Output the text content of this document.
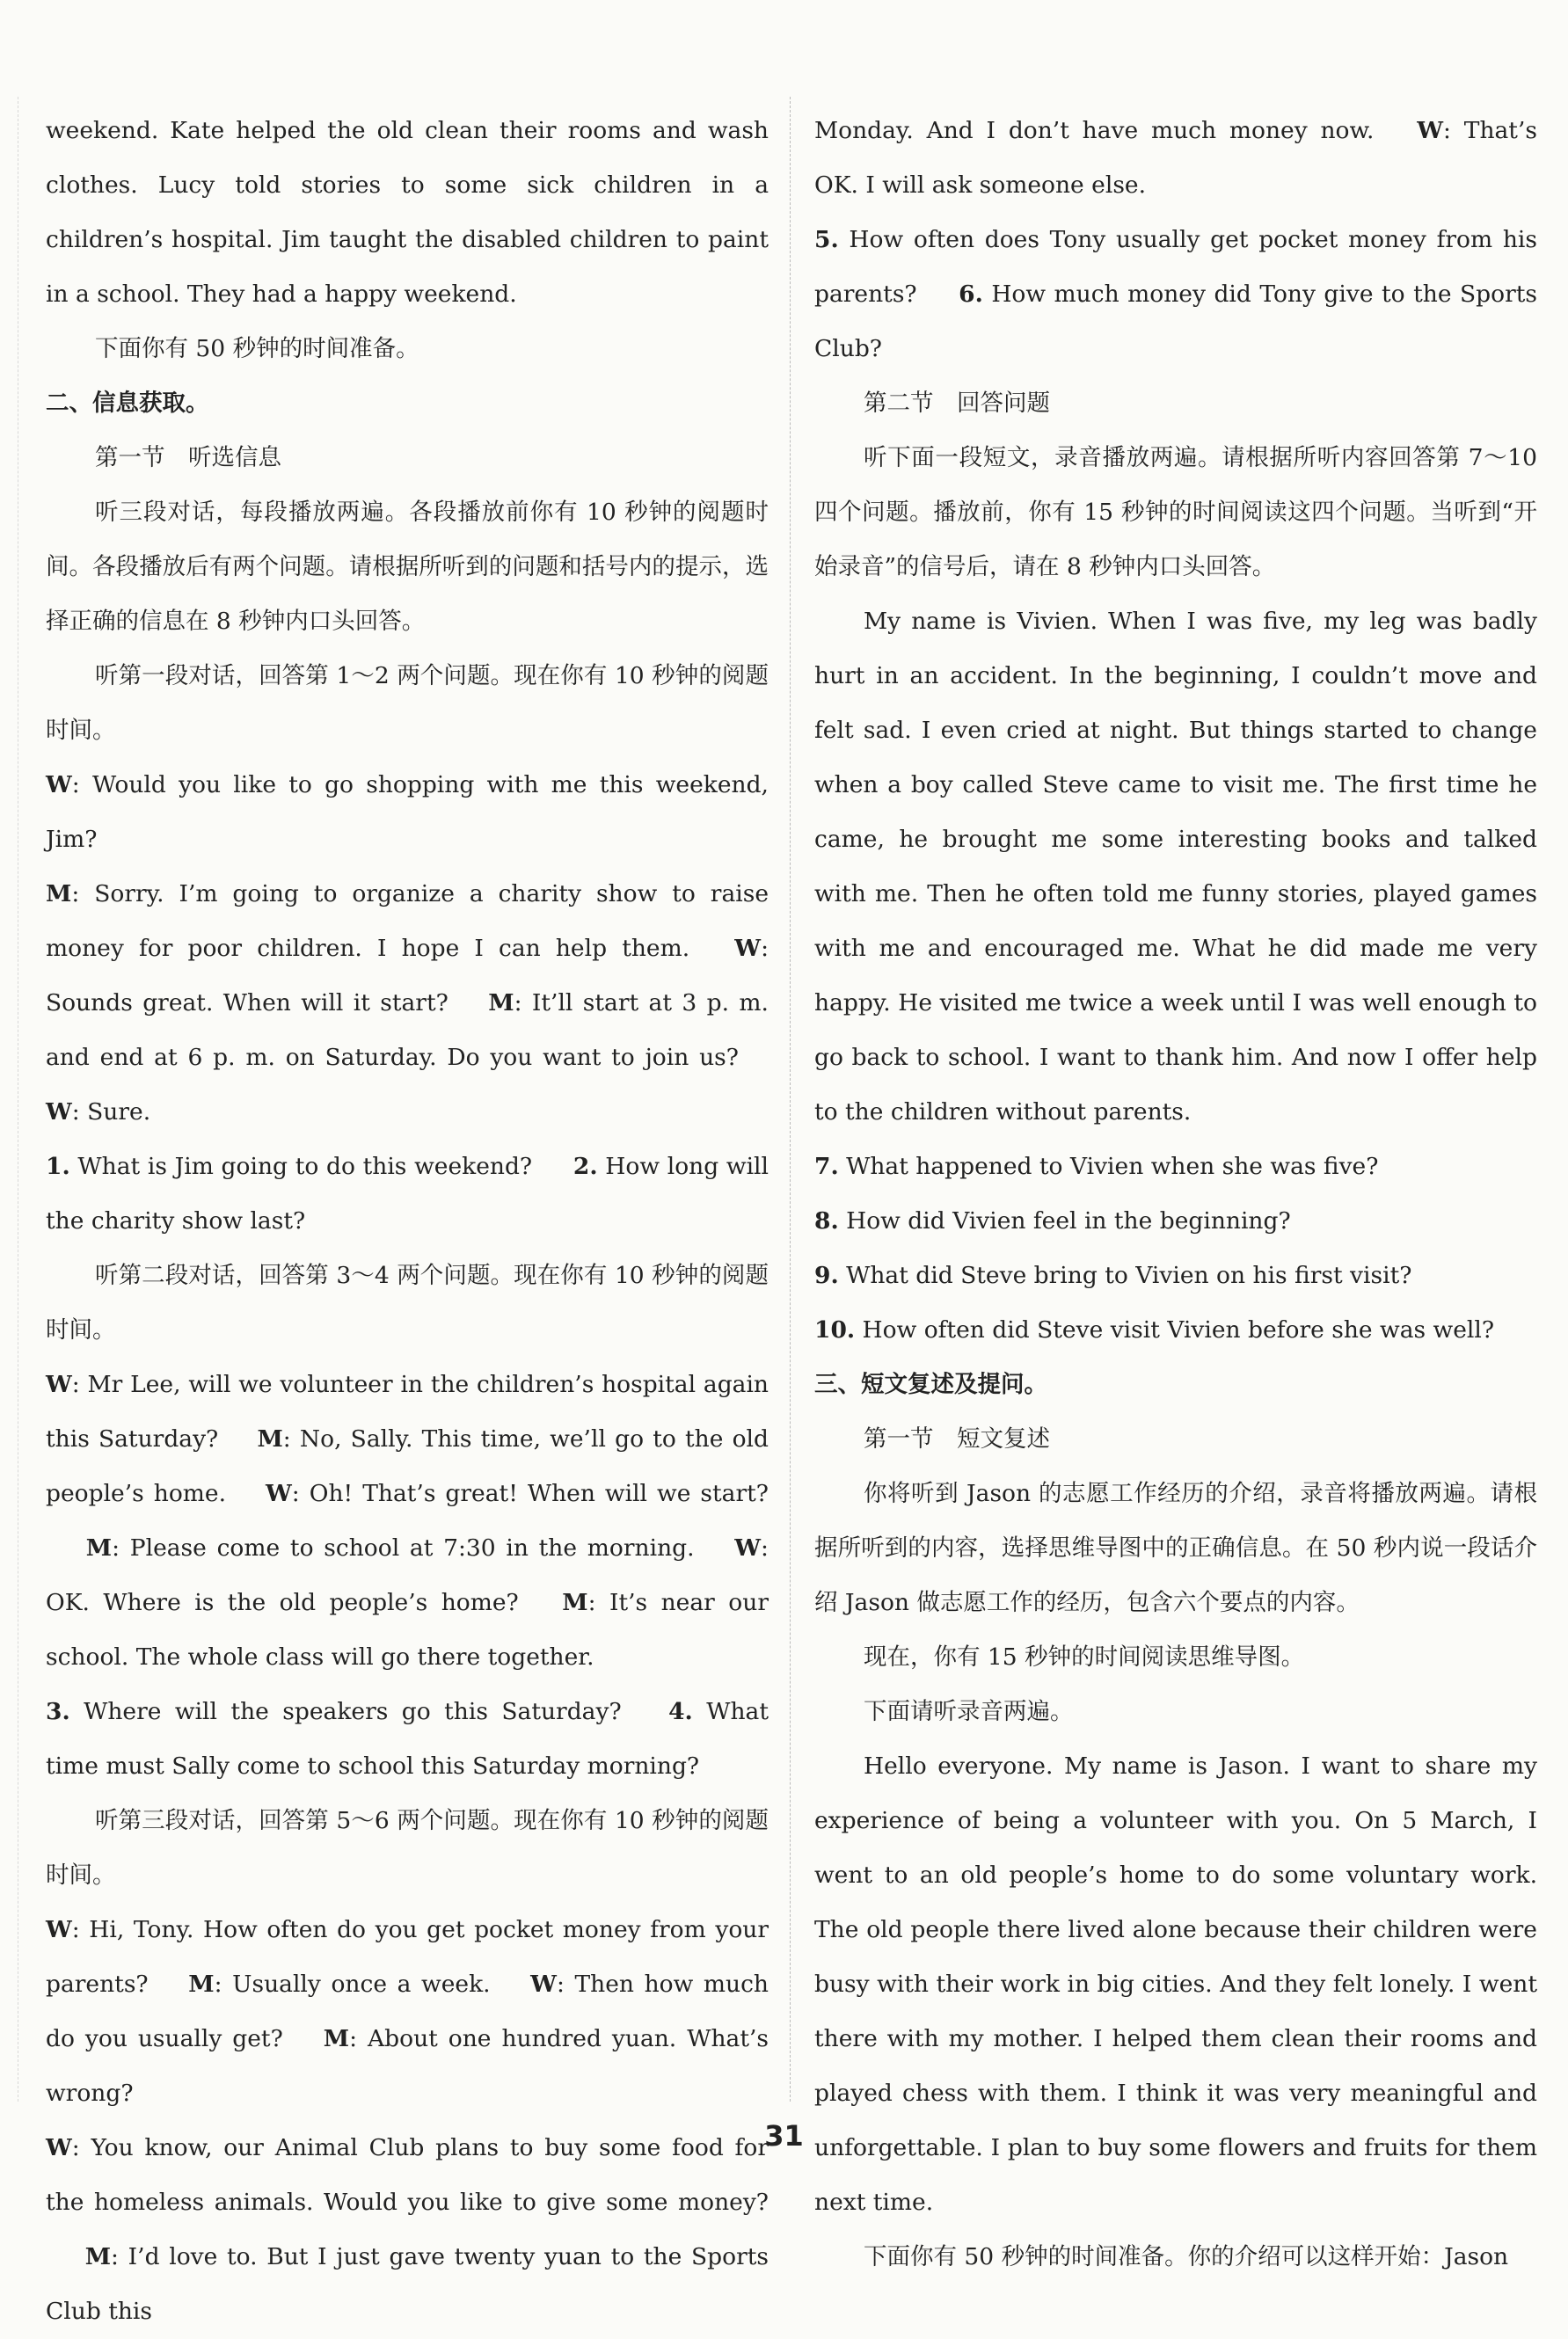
weekend. Kate helped the old clean their rooms and wash clothes. Lucy told stories to some sick children in a children’s hospital. Jim taught the disabled children to paint in a school. They had a happy weekend.

下面你有 50 秒钟的时间准备。

二、信息获取。

第一节　听选信息

听三段对话，每段播放两遍。各段播放前你有 10 秒钟的阅题时间。各段播放后有两个问题。请根据所听到的问题和括号内的提示，选择正确的信息在 8 秒钟内口头回答。

听第一段对话，回答第 1～2 两个问题。现在你有 10 秒钟的阅题时间。

W: Would you like to go shopping with me this weekend, Jim?
M: Sorry. I’m going to organize a charity show to raise money for poor children. I hope I can help them. W: Sounds great. When will it start? M: It’ll start at 3 p. m. and end at 6 p. m. on Saturday. Do you want to join us? W: Sure.

1. What is Jim going to do this weekend? 2. How long will the charity show last?

听第二段对话，回答第 3～4 两个问题。现在你有 10 秒钟的阅题时间。

W: Mr Lee, will we volunteer in the children’s hospital again this Saturday? M: No, Sally. This time, we’ll go to the old people’s home. W: Oh! That’s great! When will we start? M: Please come to school at 7:30 in the morning. W: OK. Where is the old people’s home? M: It’s near our school. The whole class will go there together.

3. Where will the speakers go this Saturday? 4. What time must Sally come to school this Saturday morning?

听第三段对话，回答第 5～6 两个问题。现在你有 10 秒钟的阅题时间。

W: Hi, Tony. How often do you get pocket money from your parents? M: Usually once a week. W: Then how much do you usually get? M: About one hundred yuan. What’s wrong?
W: You know, our Animal Club plans to buy some food for the homeless animals. Would you like to give some money? M: I’d love to. But I just gave twenty yuan to the Sports Club this

Monday. And I don’t have much money now. W: That’s OK. I will ask someone else.

5. How often does Tony usually get pocket money from his parents? 6. How much money did Tony give to the Sports Club?

第二节　回答问题

听下面一段短文，录音播放两遍。请根据所听内容回答第 7～10 四个问题。播放前，你有 15 秒钟的时间阅读这四个问题。当听到“开始录音”的信号后，请在 8 秒钟内口头回答。

My name is Vivien. When I was five, my leg was badly hurt in an accident. In the beginning, I couldn’t move and felt sad. I even cried at night. But things started to change when a boy called Steve came to visit me. The first time he came, he brought me some interesting books and talked with me. Then he often told me funny stories, played games with me and encouraged me. What he did made me very happy. He visited me twice a week until I was well enough to go back to school. I want to thank him. And now I offer help to the children without parents.

7. What happened to Vivien when she was five?

8. How did Vivien feel in the beginning?

9. What did Steve bring to Vivien on his first visit?

10. How often did Steve visit Vivien before she was well?

三、短文复述及提问。

第一节　短文复述

你将听到 Jason 的志愿工作经历的介绍，录音将播放两遍。请根据所听到的内容，选择思维导图中的正确信息。在 50 秒内说一段话介绍 Jason 做志愿工作的经历，包含六个要点的内容。

现在，你有 15 秒钟的时间阅读思维导图。

下面请听录音两遍。

Hello everyone. My name is Jason. I want to share my experience of being a volunteer with you. On 5 March, I went to an old people’s home to do some voluntary work. The old people there lived alone because their children were busy with their work in big cities. And they felt lonely. I went there with my mother. I helped them clean their rooms and played chess with them. I think it was very meaningful and unforgettable. I plan to buy some flowers and fruits for them next time.

下面你有 50 秒钟的时间准备。你的介绍可以这样开始：Jason

31
